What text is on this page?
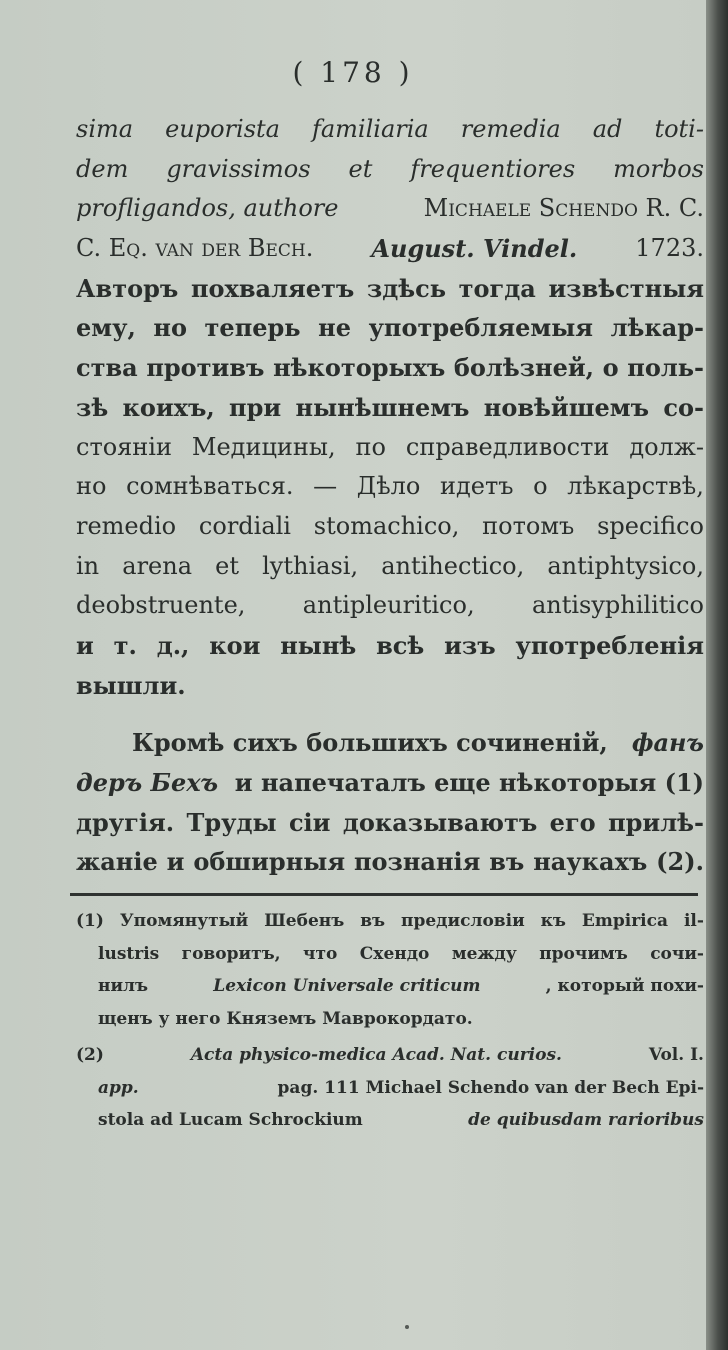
( 178 )
sima euporista familiaria remedia ad toti-
dem gravissimos et frequentiores morbos
profligandos, authore	Michaele Schendo R. C.
C. Eq. van der Bech. August. Vindel. 1723.
Авторъ похваляетъ здѣсь тогда извѣстныя
ему, но теперь не употребляемыя лѣкар-
ства противъ нѣкоторыхъ болѣзней, о поль-
зѣ коихъ, при нынѣшнемъ новѣйшемъ со-
стояніи Медицины, по справедливости долж-
но сомнѣваться. — Дѣло идетъ о лѣкарствѣ,
remedio cordiali stomachico, потомъ specifico
in arena et lythiasi, antihectico, antiphtysico,
deobstruente, antipleuritico, antisyphilitico
и т. д., кои нынѣ всѣ изъ употребленія
вышли.
Кромѣ сихъ большихъ сочиненій, фанъ
деръ Бехъ и напечаталъ еще нѣкоторыя (1)
другія. Труды сіи доказываютъ его прилѣ-
жаніе и обширныя познанія въ наукахъ (2).
(1) Упомянутый Шебенъ въ предисловіи къ Empirica il-
lustris говоритъ, что Схендо между прочимъ сочи-
нилъ	Lexicon Universale criticum	, который похи-
щенъ у него Княземъ Маврокордато.
(2)	Acta physico-medica Acad. Nat. curios.	Vol. I.
app.	pag. 111 Michael Schendo van der Bech Epi-
stola ad Lucam Schrockium	de quibusdam rarioribus
